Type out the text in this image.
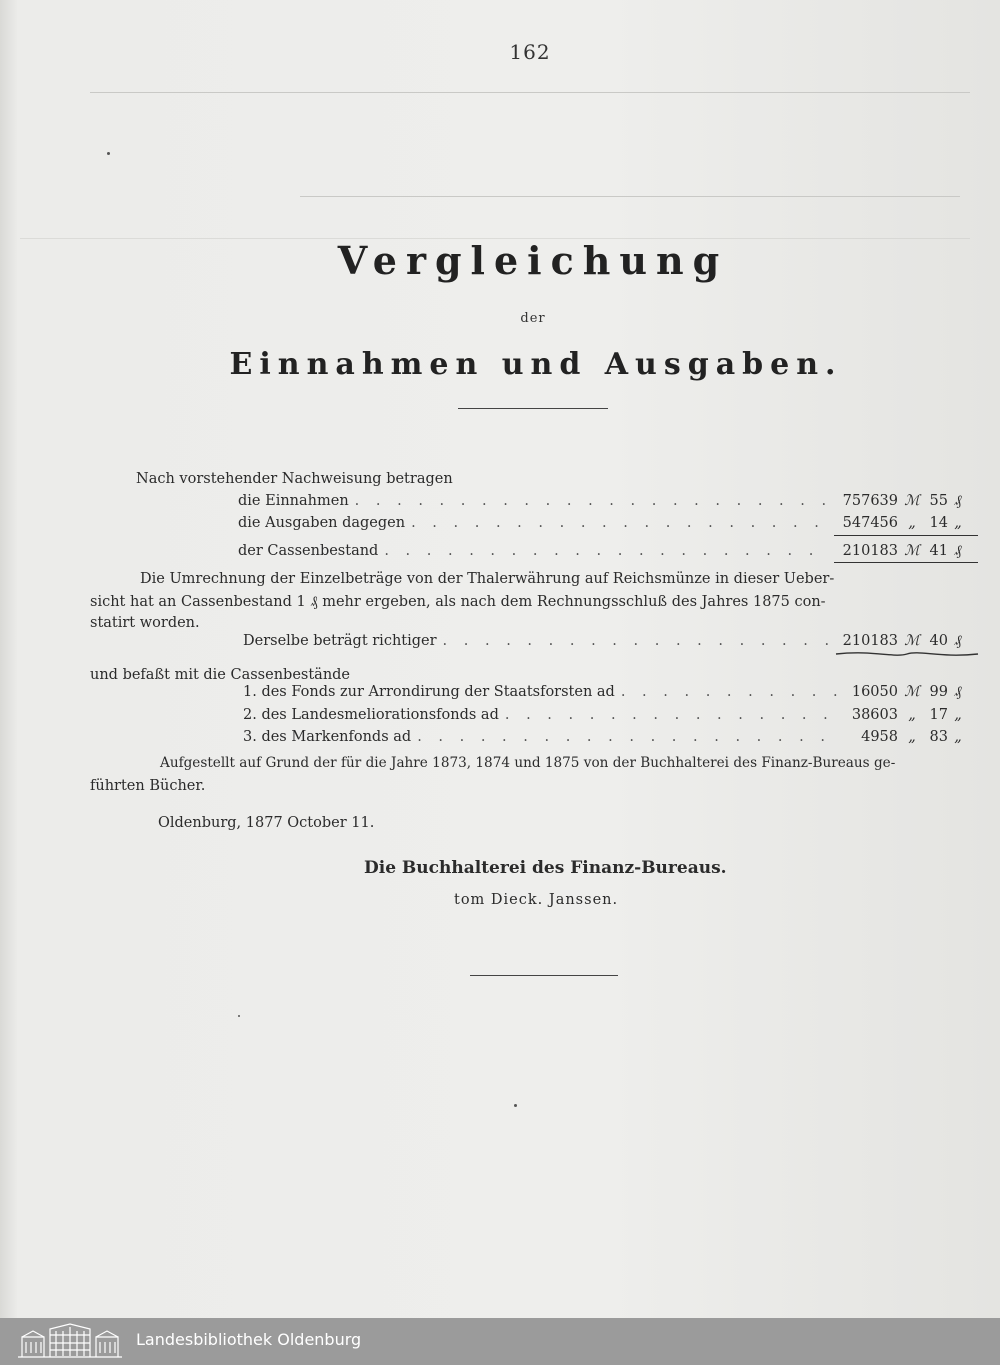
162
Vergleichung
der
Einnahmen und Ausgaben.
Nach vorstehender Nachweisung betragen
die Einnahmen . . .	757639 ℳ 55 ₰
die Ausgaben dagegen . . .	547456 „ 14 „
der Cassenbestand . . .	210183 ℳ 41 ₰
Die Umrechnung der Einzelbeträge von der Thalerwährung auf Reichsmünze in dieser Ueber-
sicht hat an Cassenbestand 1 ₰ mehr ergeben, als nach dem Rechnungsschluß des Jahres 1875 con-
statirt worden.
Derselbe beträgt richtiger . . .	210183 ℳ 40 ₰
und befaßt mit die Cassenbestände
1. des Fonds zur Arrondirung der Staatsforsten ad . . .	16050 ℳ 99 ₰
2. des Landesmeliorationsfonds ad . . .	38603 „ 17 „
3. des Markenfonds ad . . .	4958 „ 83 „
Aufgestellt auf Grund der für die Jahre 1873, 1874 und 1875 von der Buchhalterei des Finanz-Bureaus ge-
führten Bücher.
Oldenburg, 1877 October 11.
Die Buchhalterei des Finanz-Bureaus.
tom Dieck. Janssen.
Landesbibliothek Oldenburg
